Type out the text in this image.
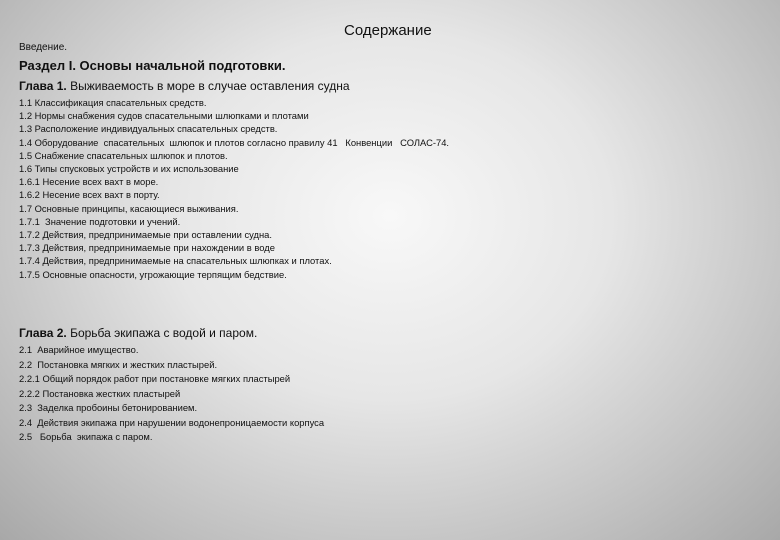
Содержание
Введение.
Раздел I. Основы начальной подготовки.
Глава 1. Выживаемость в море в случае оставления судна
1.1 Классификация спасательных средств.
1.2 Нормы снабжения судов спасательными шлюпками и плотами
1.3 Расположение индивидуальных спасательных средств.
1.4 Оборудование  спасательных  шлюпок и плотов согласно правилу 41   Конвенции   СОЛАС-74.
1.5 Снабжение спасательных шлюпок и плотов.
1.6 Типы спусковых устройств и их использование
1.6.1 Несение всех вахт в море.
1.6.2 Несение всех вахт в порту.
1.7 Основные принципы, касающиеся выживания.
1.7.1  Значение подготовки и учений.
1.7.2 Действия, предпринимаемые при оставлении судна.
1.7.3 Действия, предпринимаемые при нахождении в воде
1.7.4 Действия, предпринимаемые на спасательных шлюпках и плотах.
1.7.5 Основные опасности, угрожающие терпящим бедствие.
Глава 2. Борьба экипажа с водой и паром.
2.1  Аварийное имущество.
2.2  Постановка мягких и жестких пластырей.
2.2.1 Общий порядок работ при постановке мягких пластырей
2.2.2 Постановка жестких пластырей
2.3  Заделка пробоины бетонированием.
2.4  Действия экипажа при нарушении водонепроницаемости корпуса
2.5   Борьба  экипажа с паром.
